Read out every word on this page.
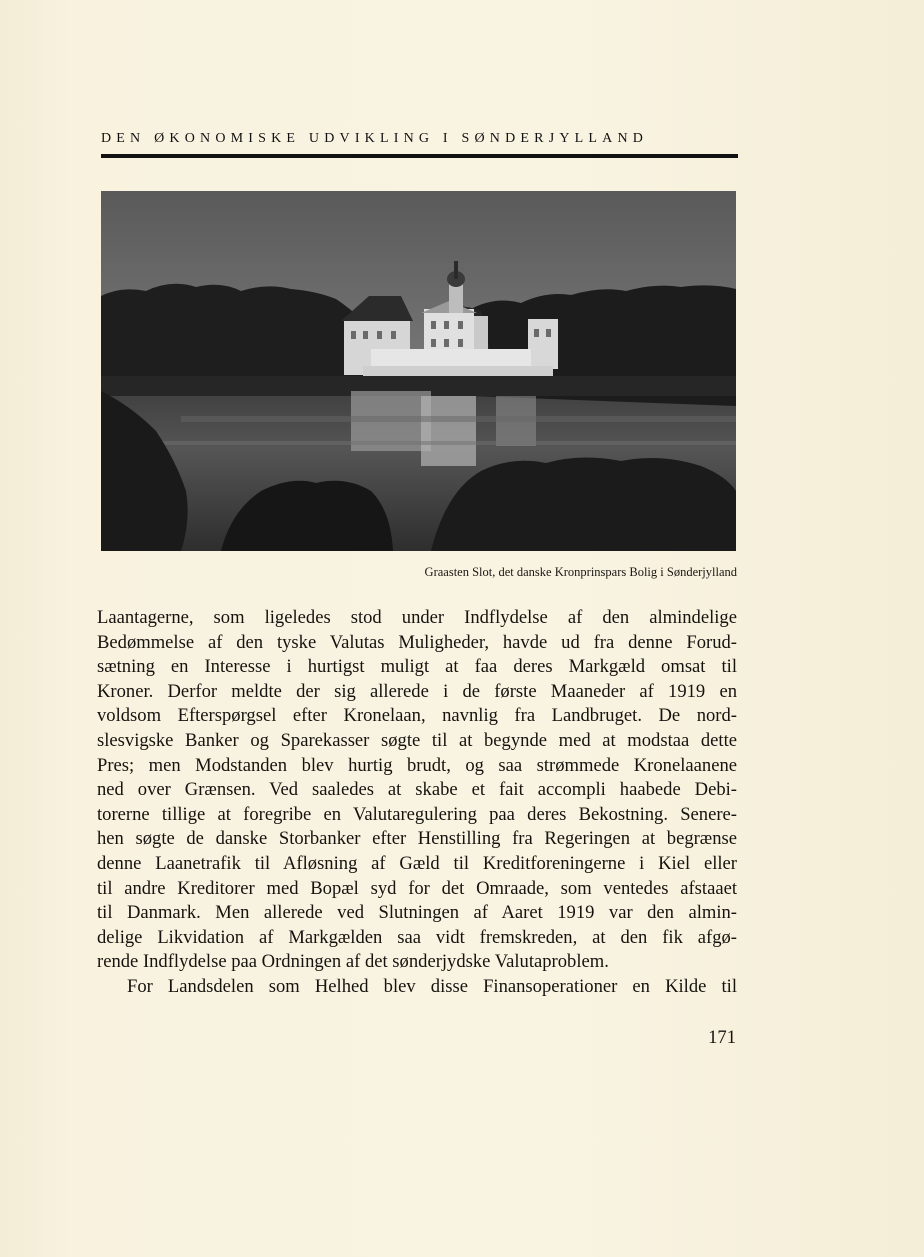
DEN ØKONOMISKE UDVIKLING I SØNDERJYLLAND
Graasten Slot, det danske Kronprinspars Bolig i Sønderjylland
Laantagerne, som ligeledes stod under Indflydelse af den almindelige
Bedømmelse af den tyske Valutas Muligheder, havde ud fra denne Forud-
sætning en Interesse i hurtigst muligt at faa deres Markgæld omsat til
Kroner. Derfor meldte der sig allerede i de første Maaneder af 1919 en
voldsom Efterspørgsel efter Kronelaan, navnlig fra Landbruget. De nord-
slesvigske Banker og Sparekasser søgte til at begynde med at modstaa dette
Pres; men Modstanden blev hurtig brudt, og saa strømmede Kronelaanene
ned over Grænsen. Ved saaledes at skabe et fait accompli haabede Debi-
torerne tillige at foregribe en Valutaregulering paa deres Bekostning. Senere-
hen søgte de danske Storbanker efter Henstilling fra Regeringen at begrænse
denne Laanetrafik til Afløsning af Gæld til Kreditforeningerne i Kiel eller
til andre Kreditorer med Bopæl syd for det Omraade, som ventedes afstaaet
til Danmark. Men allerede ved Slutningen af Aaret 1919 var den almin-
delige Likvidation af Markgælden saa vidt fremskreden, at den fik afgø-
rende Indflydelse paa Ordningen af det sønderjydske Valutaproblem.
For Landsdelen som Helhed blev disse Finansoperationer en Kilde til
171
